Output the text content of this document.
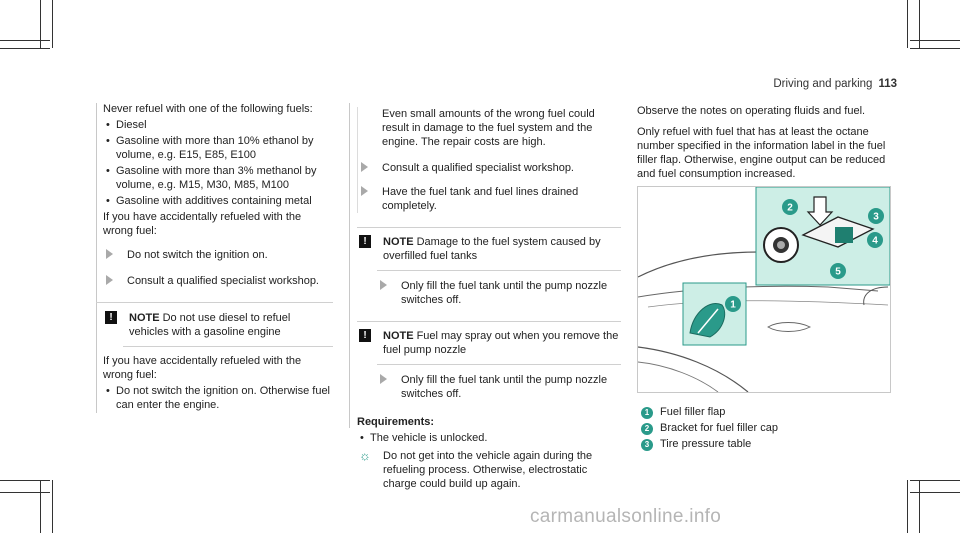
Driving and parking 113

Never refuel with one of the following fuels:

• Diesel

• Gasoline with more than 10% ethanol by volume, e.g. E15, E85, E100

• Gasoline with more than 3% methanol by volume, e.g. M15, M30, M85, M100

• Gasoline with additives containing metal

If you have accidentally refueled with the wrong fuel:

Do not switch the ignition on.

Consult a qualified specialist workshop.

!	NOTE Do not use diesel to refuel vehicles with a gasoline engine

If you have accidentally refueled with the wrong fuel:

• Do not switch the ignition on. Otherwise fuel can enter the engine.

Even small amounts of the wrong fuel could result in damage to the fuel system and the engine. The repair costs are high.

Consult a qualified specialist workshop.

Have the fuel tank and fuel lines drained completely.

!	NOTE Damage to the fuel system caused by overfilled fuel tanks

Only fill the fuel tank until the pump nozzle switches off.

!	NOTE Fuel may spray out when you remove the fuel pump nozzle

Only fill the fuel tank until the pump nozzle switches off.

Requirements:

• The vehicle is unlocked.

☼ Do not get into the vehicle again during the refueling process. Otherwise, electrostatic charge could build up again.

Observe the notes on operating fluids and fuel.

Only refuel with fuel that has at least the octane number specified in the information label in the fuel filler flap. Otherwise, engine output can be reduced and fuel consumption increased.

1
2
3
4
5

1 Fuel filler flap

2 Bracket for fuel filler cap

3 Tire pressure table

carmanualsonline.info
